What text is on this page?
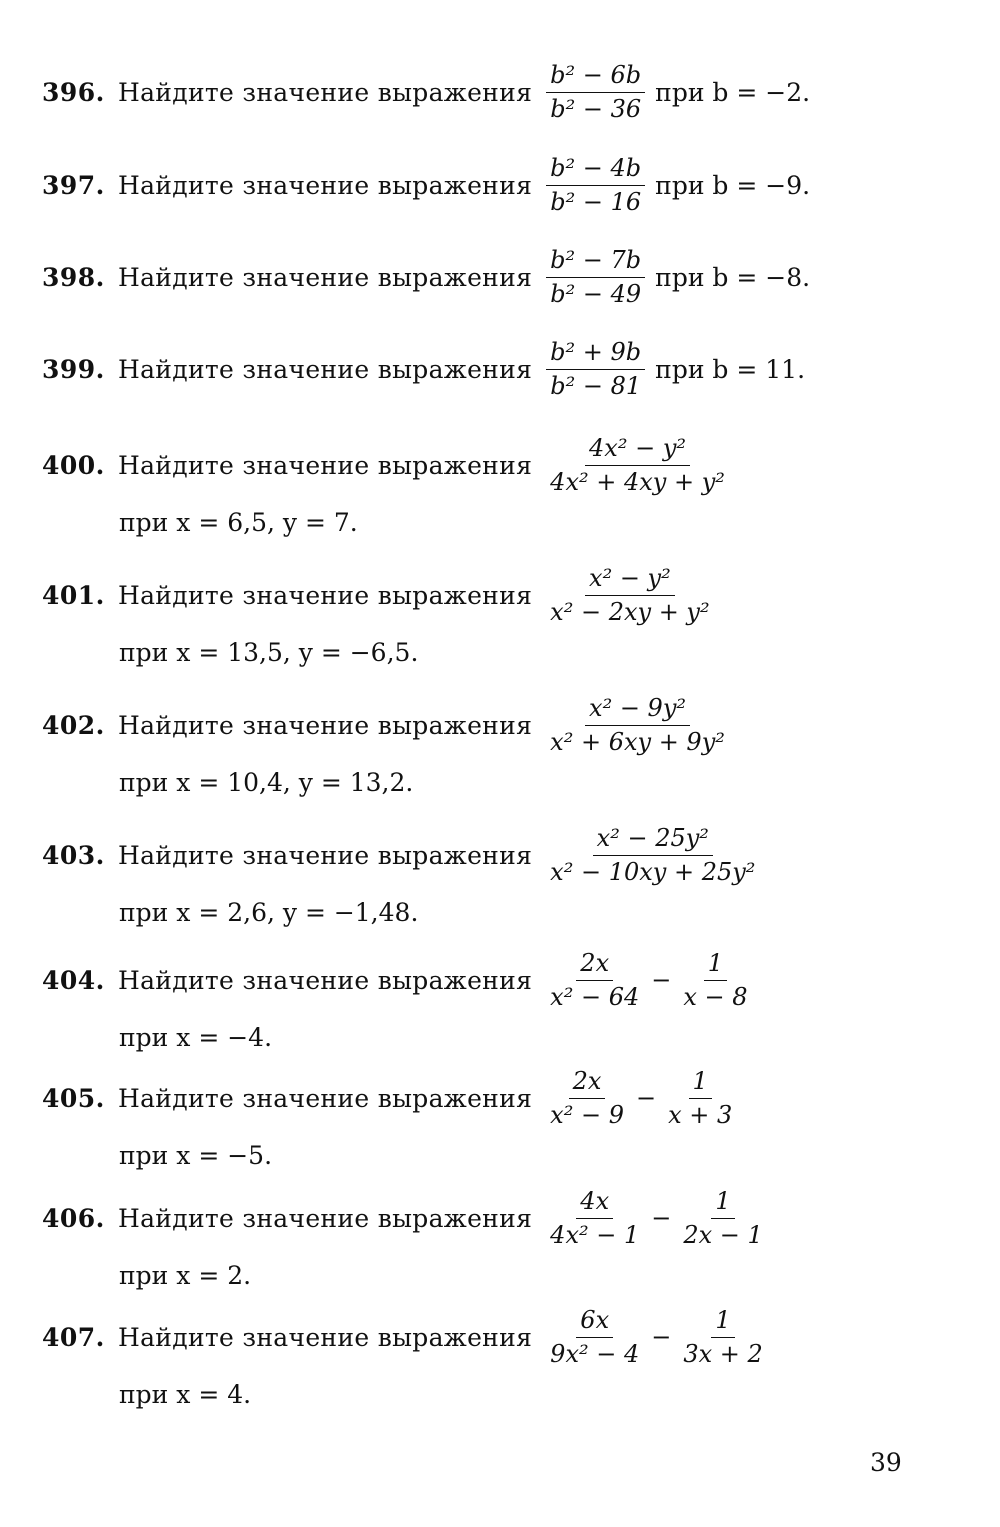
396. Найдите значение выражения $\frac{\text{b² − 6b}}{\text{b² − 36}}$ при b = −2.
397. Найдите значение выражения $\frac{\text{b² − 4b}}{\text{b² − 16}}$ при b = −9.
398. Найдите значение выражения $\frac{\text{b² − 7b}}{\text{b² − 49}}$ при b = −8.
399. Найдите значение выражения $\frac{\text{b² + 9b}}{\text{b² − 81}}$ при b = 11.
400. Найдите значение выражения $\frac{\text{4x² − y²}}{\text{4x² + 4xy + y²}}$
при x = 6,5, y = 7.
401. Найдите значение выражения $\frac{\text{x² − y²}}{\text{x² − 2xy + y²}}$
при x = 13,5, y = −6,5.
402. Найдите значение выражения $\frac{\text{x² − 9y²}}{\text{x² + 6xy + 9y²}}$
при x = 10,4, y = 13,2.
403. Найдите значение выражения $\frac{\text{x² − 25y²}}{\text{x² − 10xy + 25y²}}$
при x = 2,6, y = −1,48.
404. Найдите значение выражения $\frac{2x}{\text{x² − 64}} - \frac{1}{x - 8}$
при x = −4.
405. Найдите значение выражения $\frac{2x}{\text{x² − 9}} - \frac{1}{x + 3}$
при x = −5.
406. Найдите значение выражения $\frac{4x}{\text{4x² − 1}} - \frac{1}{2x - 1}$
при x = 2.
407. Найдите значение выражения $\frac{6x}{\text{9x² − 4}} - \frac{1}{3x + 2}$
при x = 4.
39
